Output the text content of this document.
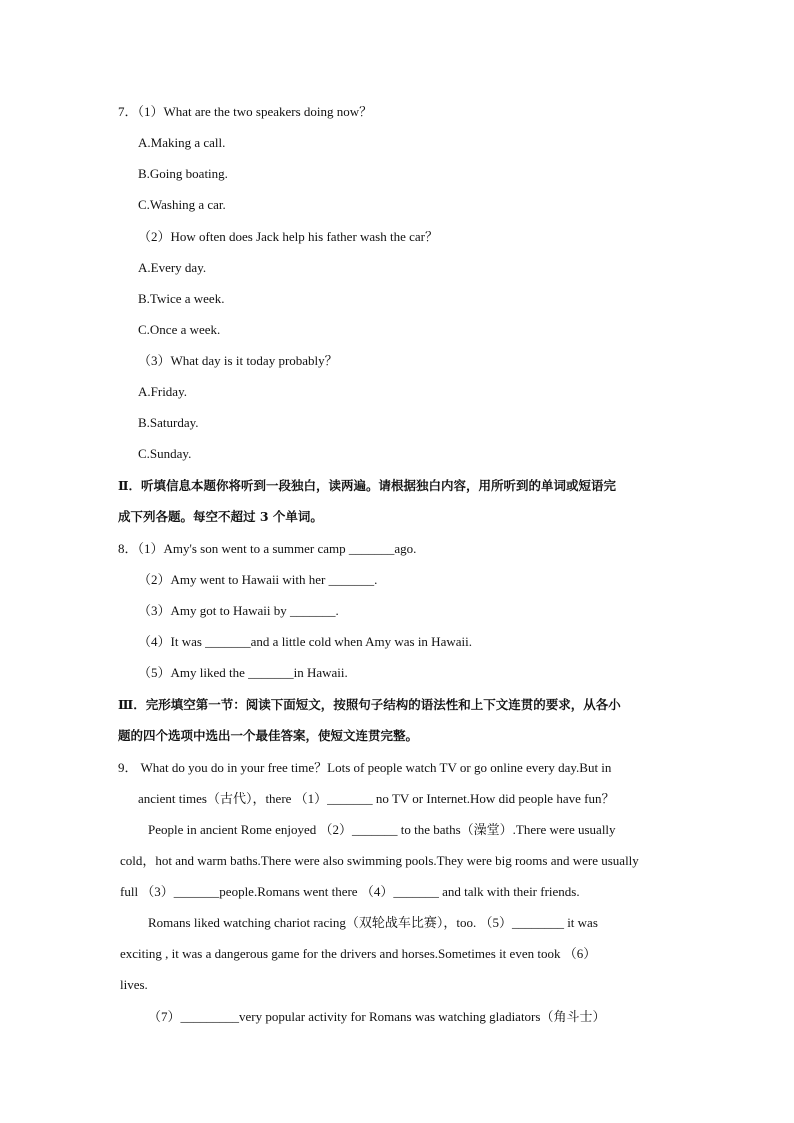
7．（1）What are the two speakers doing now？
A.Making a call.
B.Going boating.
C.Washing a car.
（2）How often does Jack help his father wash the car？
A.Every day.
B.Twice a week.
C.Once a week.
（3）What day is it today probably？
A.Friday.
B.Saturday.
C.Sunday.
Ⅱ．听填信息本题你将听到一段独白，读两遍。请根据独白内容，用所听到的单词或短语完
成下列各题。每空不超过 3 个单词。
8．（1）Amy's son went to a summer camp _______ago.
（2）Amy went to Hawaii with her _______.
（3）Amy got to Hawaii by _______.
（4）It was _______and a little cold when Amy was in Hawaii.
（5）Amy liked the _______in Hawaii.
Ⅲ．完形填空第一节：阅读下面短文，按照句子结构的语法性和上下文连贯的要求，从各小
题的四个选项中选出一个最佳答案，使短文连贯完整。
9． What do you do in your free time？Lots of people watch TV or go online every day.But in
ancient times（古代），there （1）_______ no TV or Internet.How did people have fun？
People in ancient Rome enjoyed （2）_______ to the baths（澡堂）.There were usually
cold，hot and warm baths.There were also swimming pools.They were big rooms and were usually
full （3）_______people.Romans went there （4）_______ and talk with their friends.
Romans liked watching chariot racing（双轮战车比赛），too. （5）________ it was
exciting , it was a dangerous game for the drivers and horses.Sometimes it even took （6）
lives.
（7）_________very popular activity for Romans was watching gladiators（角斗士）
